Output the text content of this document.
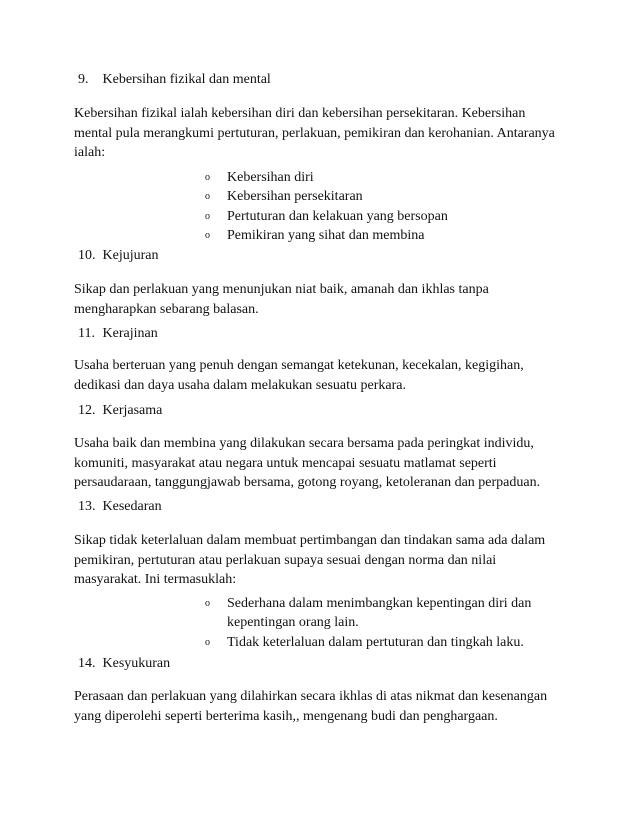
9. Kebersihan fizikal dan mental
Kebersihan fizikal ialah kebersihan diri dan kebersihan persekitaran. Kebersihan
mental pula merangkumi pertuturan, perlakuan, pemikiran dan kerohanian. Antaranya
ialah:
o Kebersihan diri
o Kebersihan persekitaran
o Pertuturan dan kelakuan yang bersopan
o Pemikiran yang sihat dan membina
10. Kejujuran
Sikap dan perlakuan yang menunjukan niat baik, amanah dan ikhlas tanpa
mengharapkan sebarang balasan.
11. Kerajinan
Usaha berteruan yang penuh dengan semangat ketekunan, kecekalan, kegigihan,
dedikasi dan daya usaha dalam melakukan sesuatu perkara.
12. Kerjasama
Usaha baik dan membina yang dilakukan secara bersama pada peringkat individu,
komuniti, masyarakat atau negara untuk mencapai sesuatu matlamat seperti
persaudaraan, tanggungjawab bersama, gotong royang, ketoleranan dan perpaduan.
13. Kesedaran
Sikap tidak keterlaluan dalam membuat pertimbangan dan tindakan sama ada dalam
pemikiran, pertuturan atau perlakuan supaya sesuai dengan norma dan nilai
masyarakat. Ini termasuklah:
o Sederhana dalam menimbangkan kepentingan diri dan
kepentingan orang lain.
o Tidak keterlaluan dalam pertuturan dan tingkah laku.
14. Kesyukuran
Perasaan dan perlakuan yang dilahirkan secara ikhlas di atas nikmat dan kesenangan
yang diperolehi seperti berterima kasih,, mengenang budi dan penghargaan.
